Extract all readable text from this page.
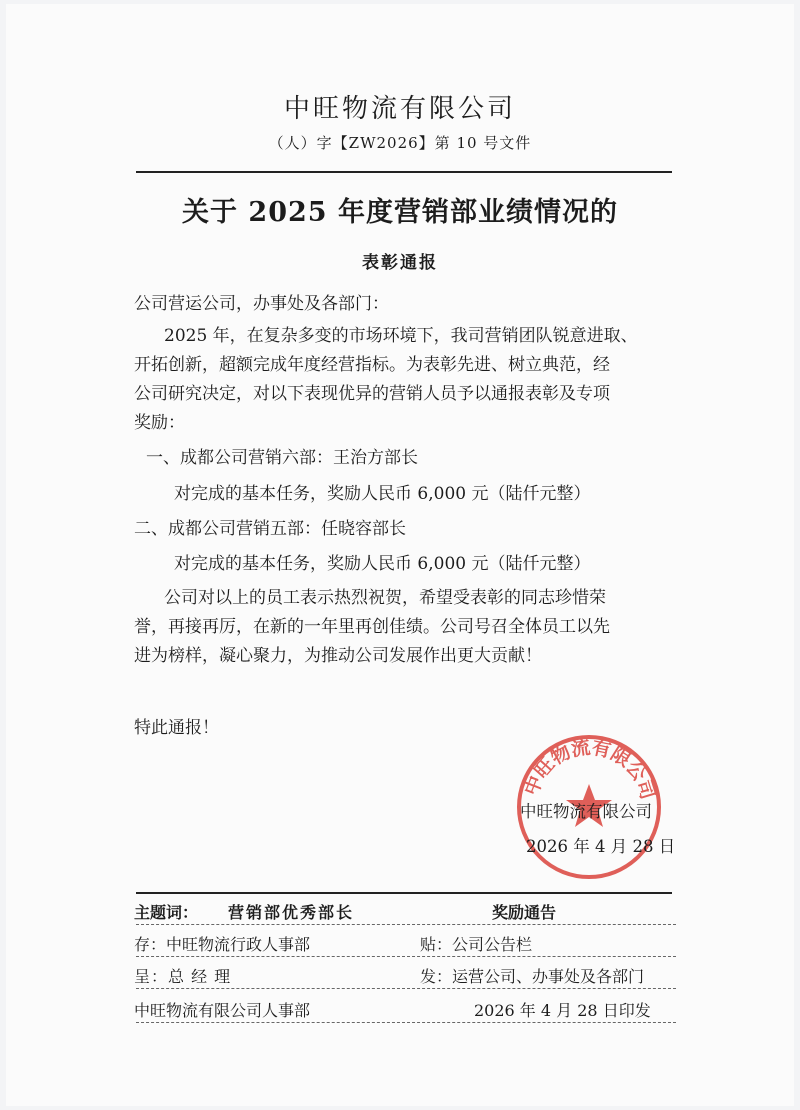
中旺物流有限公司
（人）字【ZW2026】第 10 号文件
关于 2025 年度营销部业绩情况的
表彰通报
公司营运公司，办事处及各部门：
2025 年，在复杂多变的市场环境下，我司营销团队锐意进取、
开拓创新，超额完成年度经营指标。为表彰先进、树立典范，经
公司研究决定，对以下表现优异的营销人员予以通报表彰及专项
奖励：
一、成都公司营销六部：王治方部长
对完成的基本任务，奖励人民币 6,000 元（陆仟元整）
二、成都公司营销五部：任晓容部长
对完成的基本任务，奖励人民币 6,000 元（陆仟元整）
公司对以上的员工表示热烈祝贺，希望受表彰的同志珍惜荣
誉，再接再厉，在新的一年里再创佳绩。公司号召全体员工以先
进为榜样，凝心聚力，为推动公司发展作出更大贡献！
特此通报！
中旺物流有限公司
中旺物流有限公司
2026 年 4 月 28 日
主题词： 营销部优秀部长	奖励通告
存：中旺物流行政人事部	贴：公司公告栏
呈：总 经 理	发：运营公司、办事处及各部门
中旺物流有限公司人事部	2026 年 4 月 28 日印发
